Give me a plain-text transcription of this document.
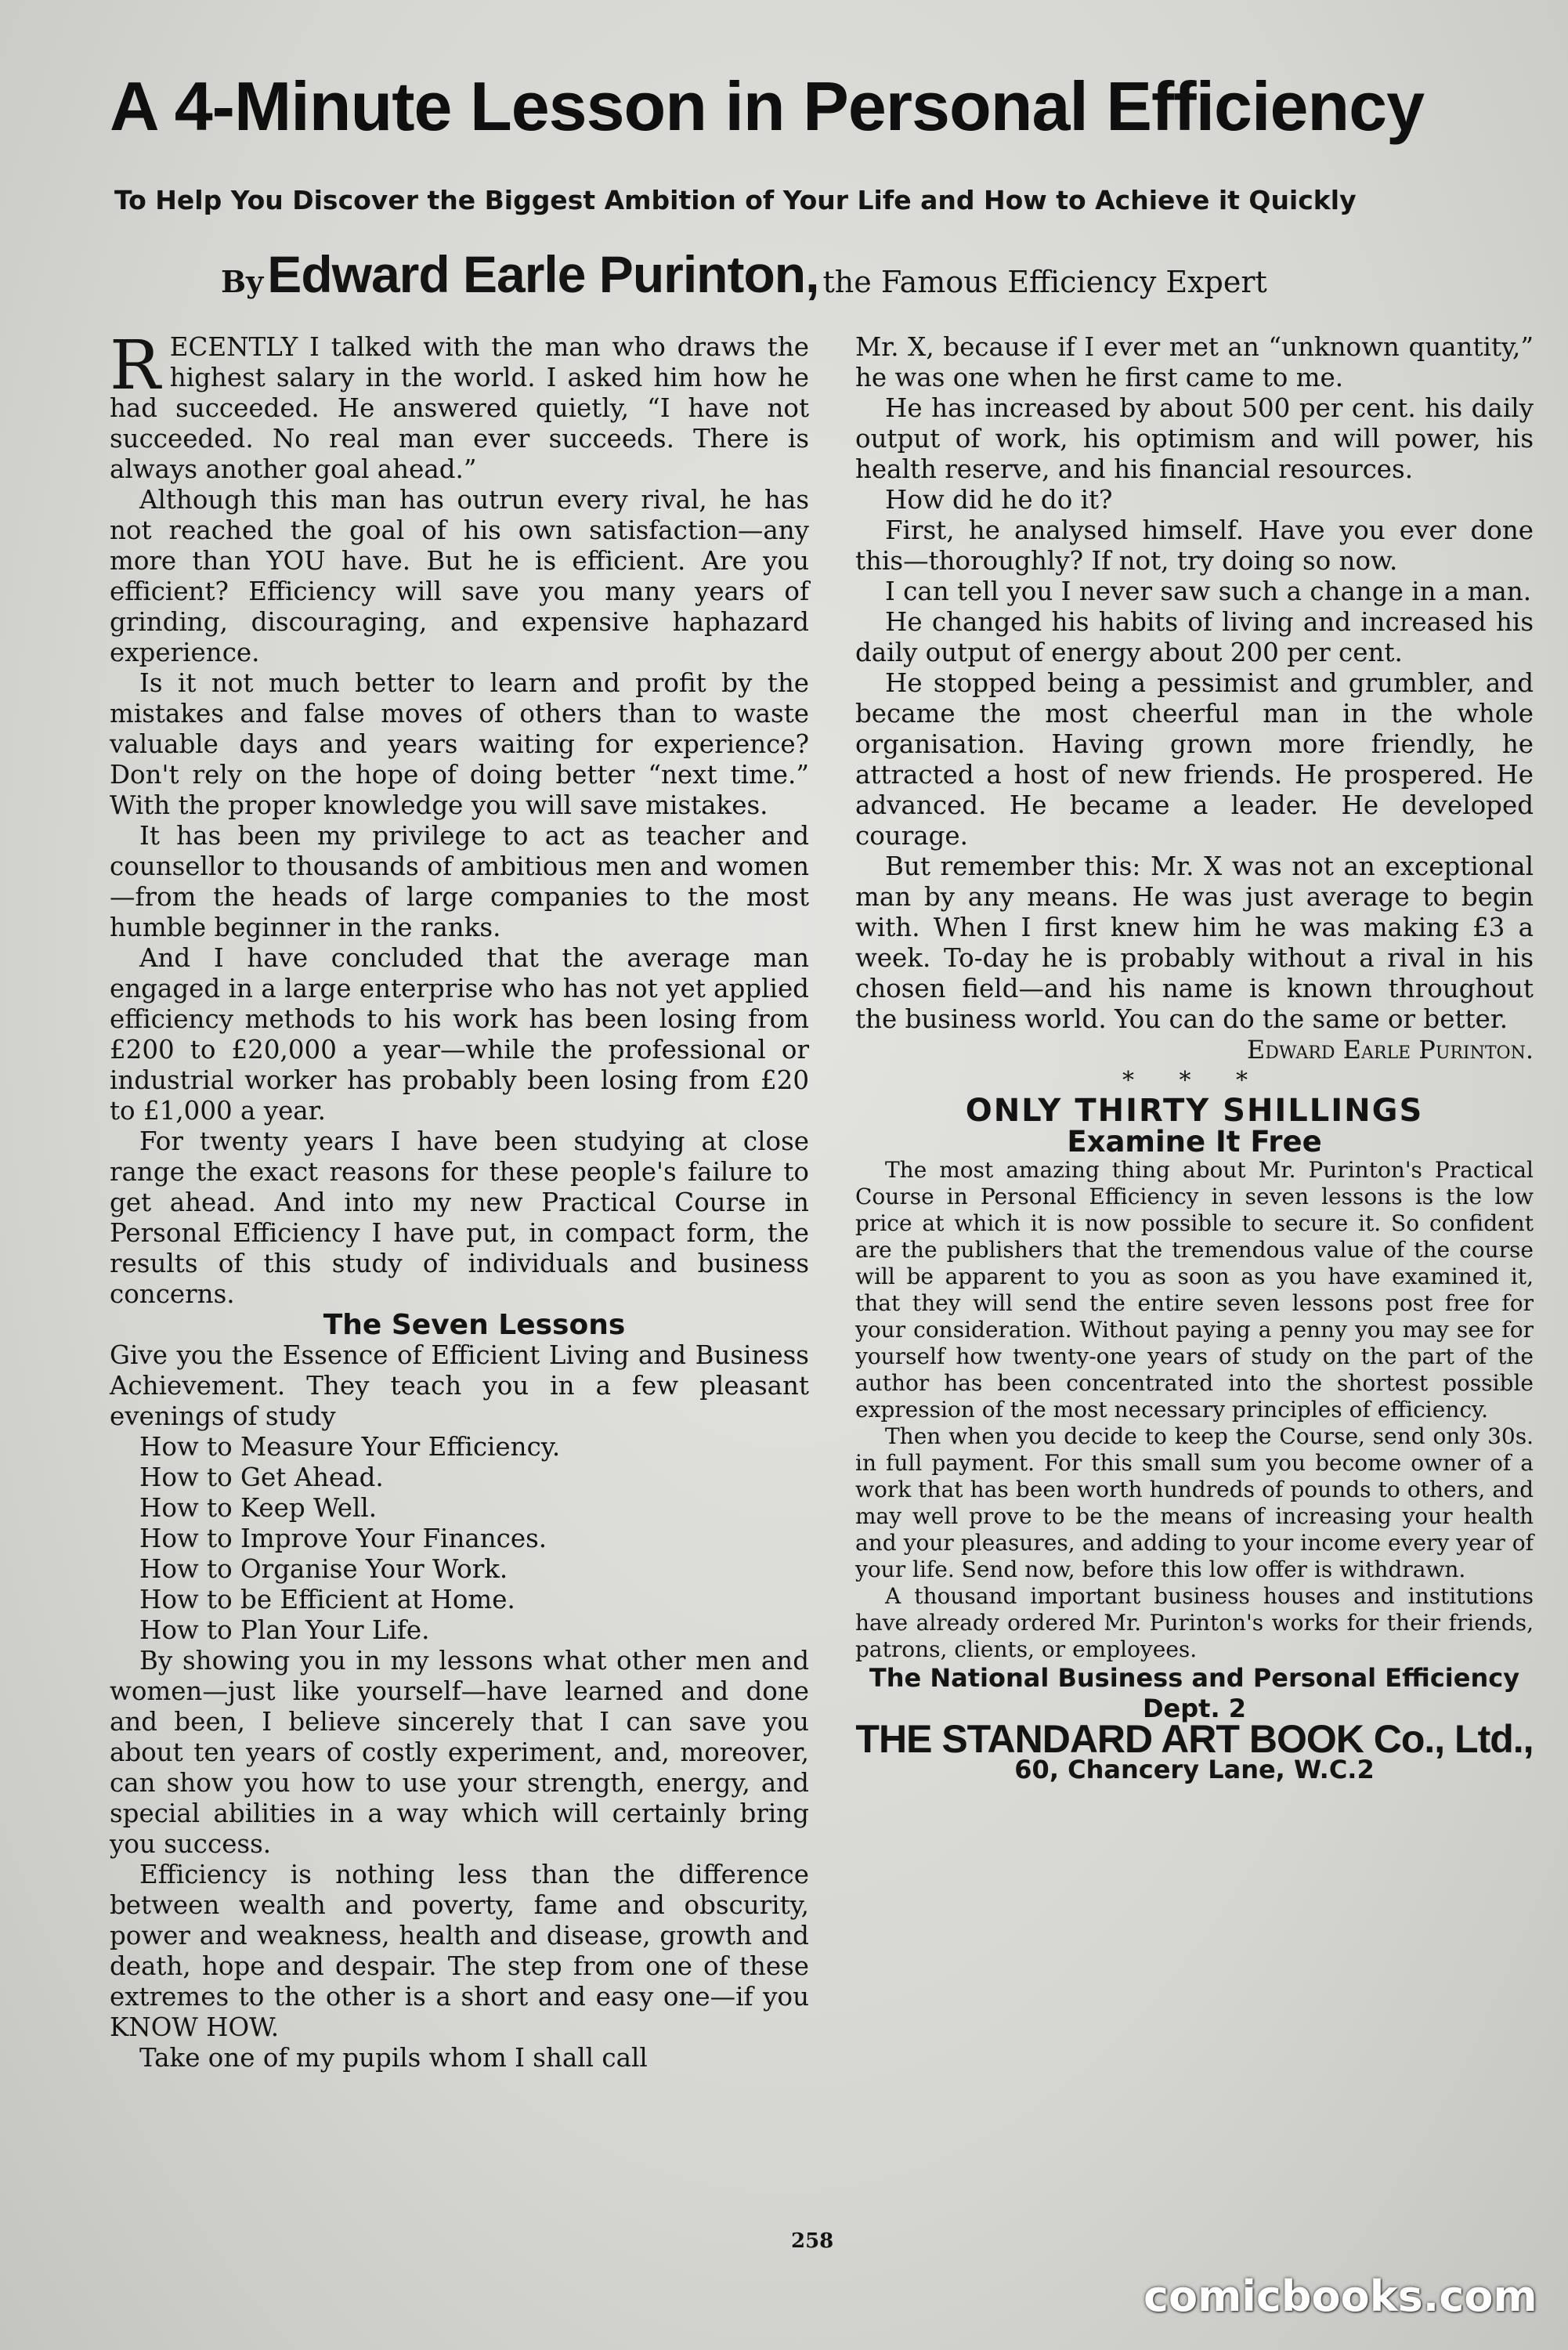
A 4-Minute Lesson in Personal Efficiency
To Help You Discover the Biggest Ambition of Your Life and How to Achieve it Quickly
By Edward Earle Purinton, the Famous Efficiency Expert

RECENTLY I talked with the man who draws the highest salary in the world. I asked him how he had succeeded. He answered quietly, “I have not succeeded. No real man ever succeeds. There is always another goal ahead.”

Although this man has outrun every rival, he has not reached the goal of his own satisfaction—any more than YOU have. But he is efficient. Are you efficient? Efficiency will save you many years of grinding, discouraging, and expensive haphazard experience.

Is it not much better to learn and profit by the mistakes and false moves of others than to waste valuable days and years waiting for experience? Don't rely on the hope of doing better “next time.” With the proper knowledge you will save mistakes.

It has been my privilege to act as teacher and counsellor to thousands of ambitious men and women—from the heads of large companies to the most humble beginner in the ranks.

And I have concluded that the average man engaged in a large enterprise who has not yet applied efficiency methods to his work has been losing from £200 to £20,000 a year—while the professional or industrial worker has probably been losing from £20 to £1,000 a year.

For twenty years I have been studying at close range the exact reasons for these people's failure to get ahead. And into my new Practical Course in Personal Efficiency I have put, in compact form, the results of this study of individuals and business concerns.

The Seven Lessons

Give you the Essence of Efficient Living and Business Achievement. They teach you in a few pleasant evenings of study

How to Measure Your Efficiency.

How to Get Ahead.

How to Keep Well.

How to Improve Your Finances.

How to Organise Your Work.

How to be Efficient at Home.

How to Plan Your Life.

By showing you in my lessons what other men and women—just like yourself—have learned and done and been, I believe sincerely that I can save you about ten years of costly experiment, and, moreover, can show you how to use your strength, energy, and special abilities in a way which will certainly bring you success.

Efficiency is nothing less than the difference between wealth and poverty, fame and obscurity, power and weakness, health and disease, growth and death, hope and despair. The step from one of these extremes to the other is a short and easy one—if you KNOW HOW.

Take one of my pupils whom I shall call

Mr. X, because if I ever met an “unknown quantity,” he was one when he first came to me.

He has increased by about 500 per cent. his daily output of work, his optimism and will power, his health reserve, and his financial resources.

How did he do it?

First, he analysed himself. Have you ever done this—thoroughly? If not, try doing so now.

I can tell you I never saw such a change in a man.

He changed his habits of living and increased his daily output of energy about 200 per cent.

He stopped being a pessimist and grumbler, and became the most cheerful man in the whole organisation. Having grown more friendly, he attracted a host of new friends. He prospered. He advanced. He became a leader. He developed courage.

But remember this: Mr. X was not an exceptional man by any means. He was just average to begin with. When I first knew him he was making £3 a week. To-day he is probably without a rival in his chosen field—and his name is known throughout the business world. You can do the same or better.

Edward Earle Purinton.

* * *

ONLY THIRTY SHILLINGS

Examine It Free

The most amazing thing about Mr. Purinton's Practical Course in Personal Efficiency in seven lessons is the low price at which it is now possible to secure it. So confident are the publishers that the tremendous value of the course will be apparent to you as soon as you have examined it, that they will send the entire seven lessons post free for your consideration. Without paying a penny you may see for yourself how twenty-one years of study on the part of the author has been concentrated into the shortest possible expression of the most necessary principles of efficiency.

Then when you decide to keep the Course, send only 30s. in full payment. For this small sum you become owner of a work that has been worth hundreds of pounds to others, and may well prove to be the means of increasing your health and your pleasures, and adding to your income every year of your life. Send now, before this low offer is withdrawn.

A thousand important business houses and institutions have already ordered Mr. Purinton's works for their friends, patrons, clients, or employees.

The National Business and Personal Efficiency

Dept. 2

THE STANDARD ART BOOK Co., Ltd.,

60, Chancery Lane, W.C.2

258
comicbooks.com
